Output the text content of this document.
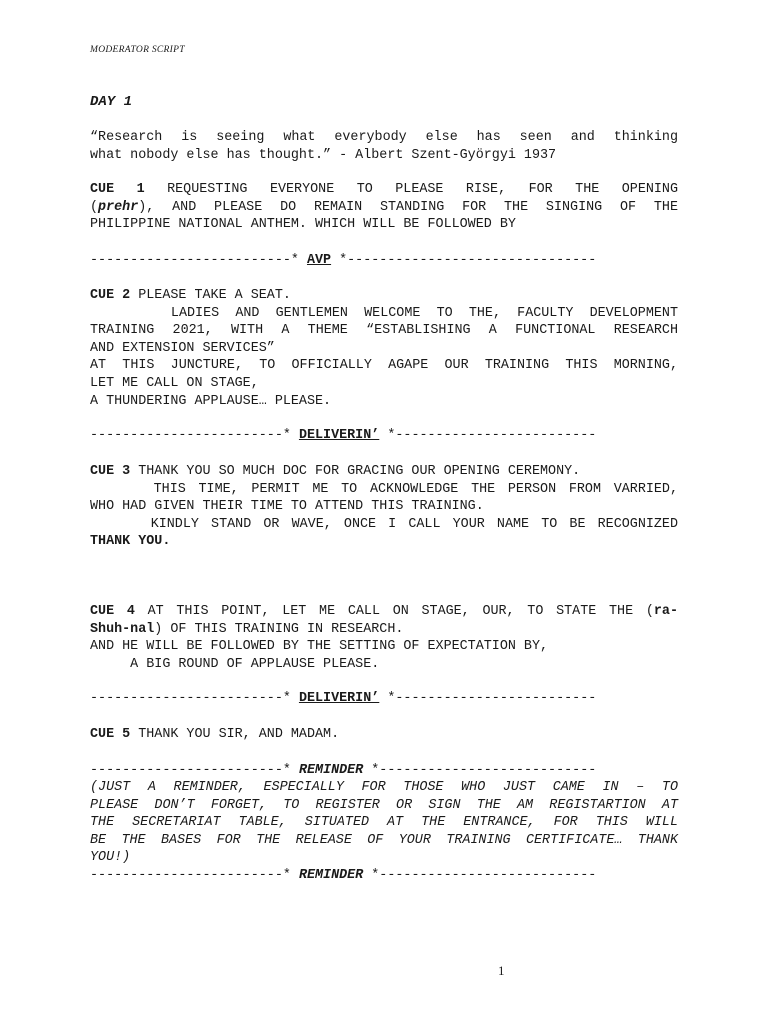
MODERATOR SCRIPT
DAY 1
“Research is seeing what everybody else has seen and thinking
what nobody else has thought.” - Albert Szent-Györgyi 1937
CUE 1 REQUESTING EVERYONE TO PLEASE RISE, FOR THE OPENING
(prehr), AND PLEASE DO REMAIN STANDING FOR THE SINGING OF THE
PHILIPPINE NATIONAL ANTHEM. WHICH WILL BE FOLLOWED BY
-------------------------* AVP *-------------------------------
CUE 2 PLEASE TAKE A SEAT.
LADIES AND GENTLEMEN WELCOME TO THE, FACULTY DEVELOPMENT
TRAINING 2021, WITH A THEME “ESTABLISHING A FUNCTIONAL RESEARCH
AND EXTENSION SERVICES”
AT THIS JUNCTURE, TO OFFICIALLY AGAPE OUR TRAINING THIS MORNING,
LET ME CALL ON STAGE,
A THUNDERING APPLAUSE… PLEASE.
------------------------* DELIVERIN’ *-------------------------
CUE 3 THANK YOU SO MUCH DOC FOR GRACING OUR OPENING CEREMONY.
THIS TIME, PERMIT ME TO ACKNOWLEDGE THE PERSON FROM VARRIED,
WHO HAD GIVEN THEIR TIME TO ATTEND THIS TRAINING.
KINDLY STAND OR WAVE, ONCE I CALL YOUR NAME TO BE RECOGNIZED
THANK YOU.
CUE 4 AT THIS POINT, LET ME CALL ON STAGE, OUR, TO STATE THE (ra-
Shuh-nal) OF THIS TRAINING IN RESEARCH.
AND HE WILL BE FOLLOWED BY THE SETTING OF EXPECTATION BY,
A BIG ROUND OF APPLAUSE PLEASE.
------------------------* DELIVERIN’ *-------------------------
CUE 5 THANK YOU SIR, AND MADAM.
------------------------* REMINDER *---------------------------
(JUST A REMINDER, ESPECIALLY FOR THOSE WHO JUST CAME IN – TO
PLEASE DON’T FORGET, TO REGISTER OR SIGN THE AM REGISTARTION AT
THE SECRETARIAT TABLE, SITUATED AT THE ENTRANCE, FOR THIS WILL
BE THE BASES FOR THE RELEASE OF YOUR TRAINING CERTIFICATE… THANK
YOU!)
------------------------* REMINDER *---------------------------
1
